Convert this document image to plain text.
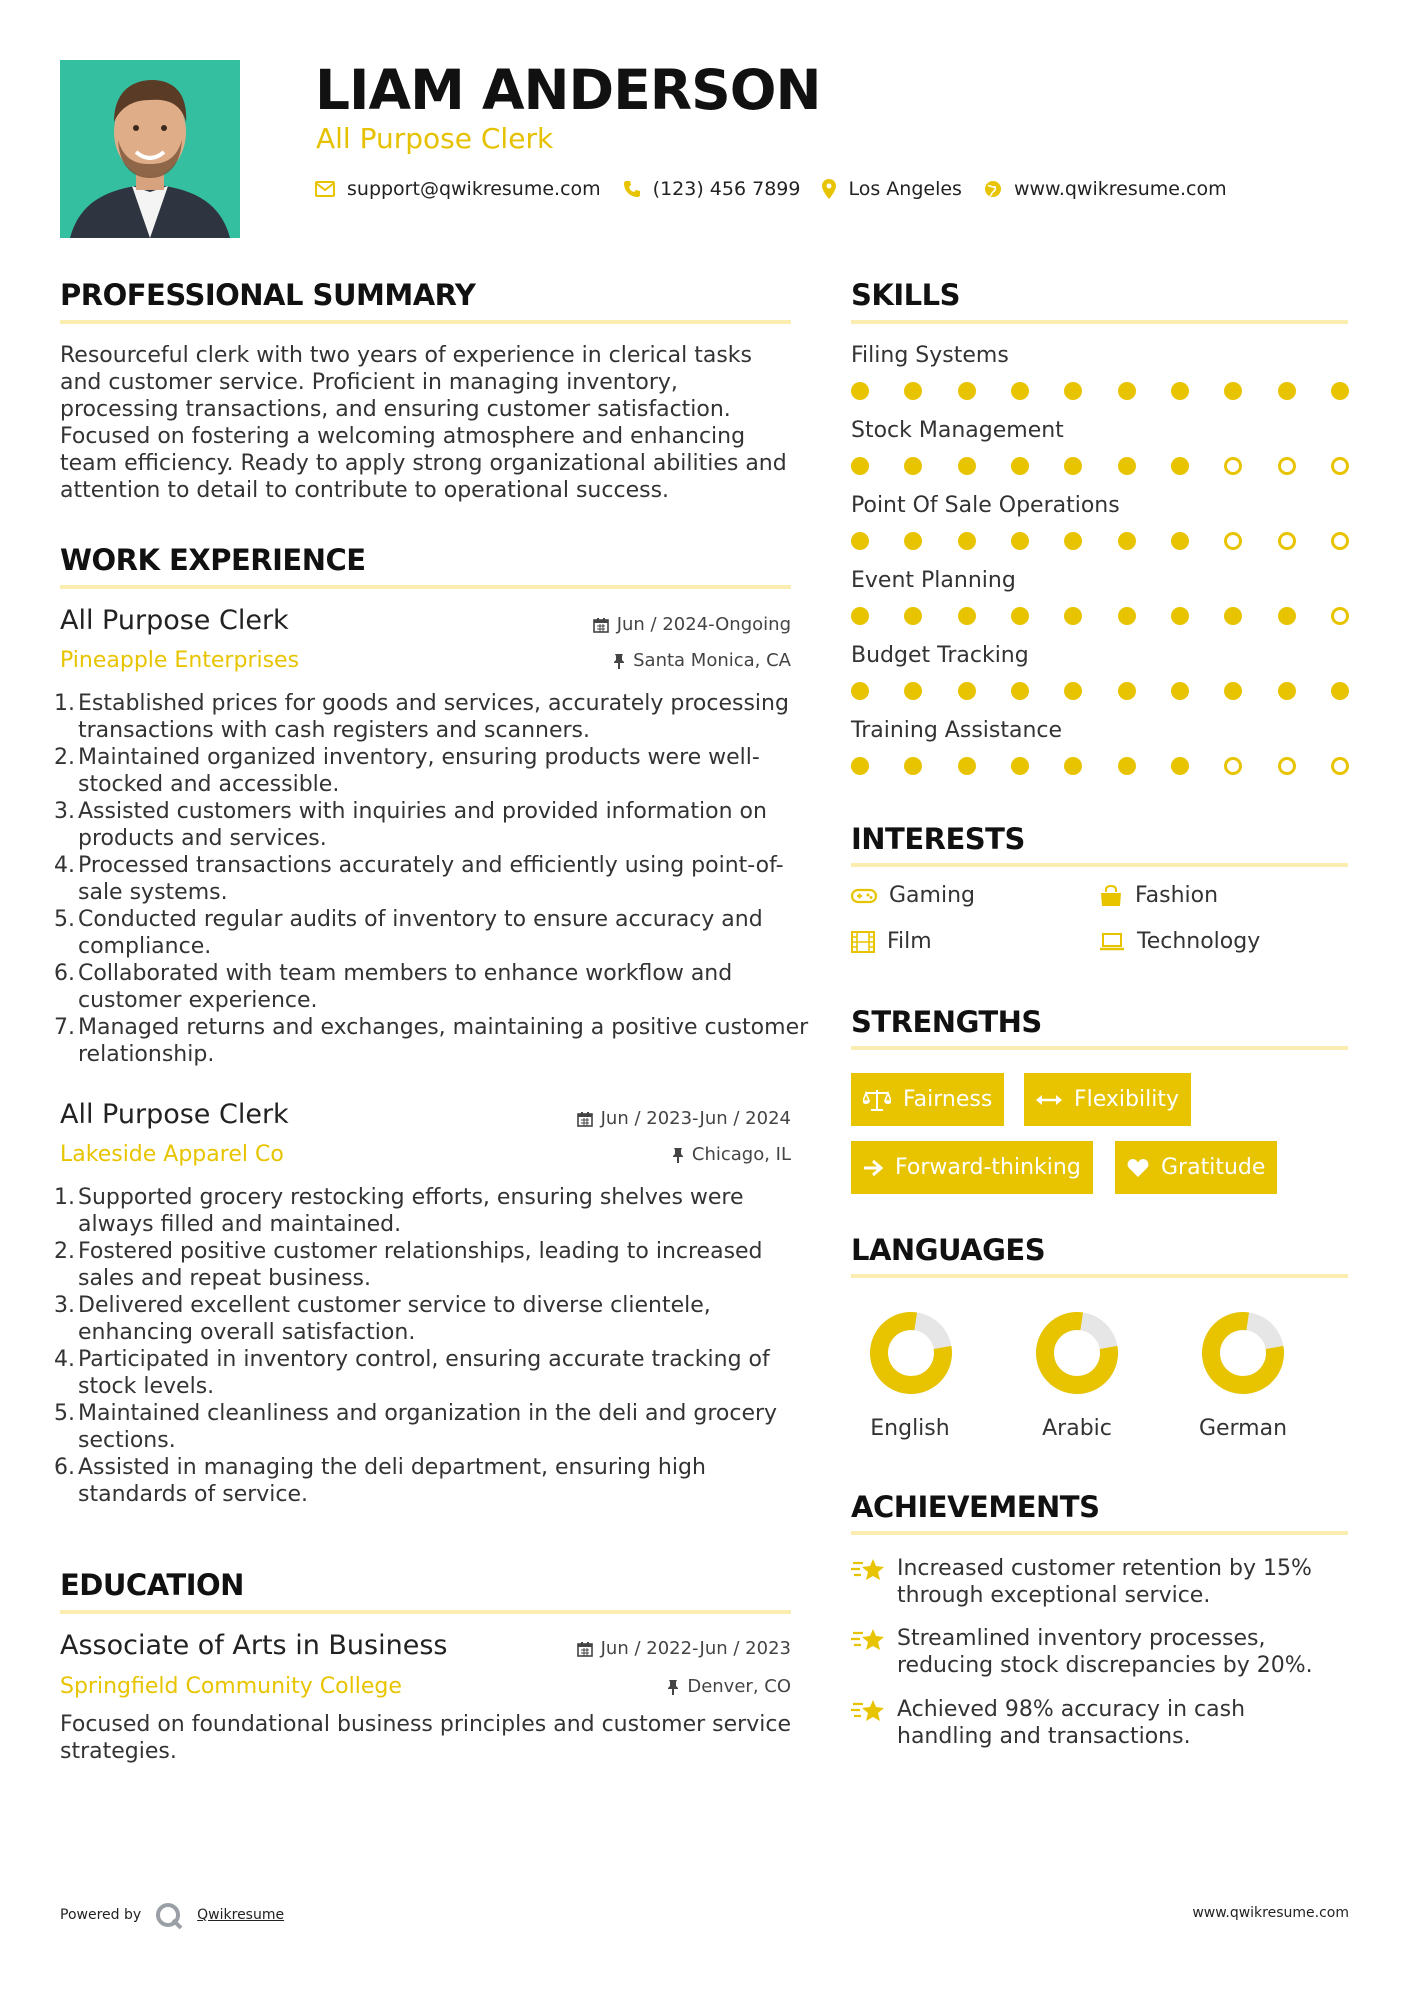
LIAM ANDERSON
All Purpose Clerk
support@qwikresume.com	(123) 456 7899	Los Angeles	www.qwikresume.com
PROFESSIONAL SUMMARY
Resourceful clerk with two years of experience in clerical tasks and customer service. Proficient in managing inventory, processing transactions, and ensuring customer satisfaction. Focused on fostering a welcoming atmosphere and enhancing team efficiency. Ready to apply strong organizational abilities and attention to detail to contribute to operational success.
WORK EXPERIENCE
All Purpose Clerk	Jun / 2024-Ongoing
Pineapple Enterprises	Santa Monica, CA
Established prices for goods and services, accurately processing transactions with cash registers and scanners.
Maintained organized inventory, ensuring products were well-stocked and accessible.
Assisted customers with inquiries and provided information on products and services.
Processed transactions accurately and efficiently using point-of-sale systems.
Conducted regular audits of inventory to ensure accuracy and compliance.
Collaborated with team members to enhance workflow and customer experience.
Managed returns and exchanges, maintaining a positive customer relationship.
All Purpose Clerk	Jun / 2023-Jun / 2024
Lakeside Apparel Co	Chicago, IL
Supported grocery restocking efforts, ensuring shelves were always filled and maintained.
Fostered positive customer relationships, leading to increased sales and repeat business.
Delivered excellent customer service to diverse clientele, enhancing overall satisfaction.
Participated in inventory control, ensuring accurate tracking of stock levels.
Maintained cleanliness and organization in the deli and grocery sections.
Assisted in managing the deli department, ensuring high standards of service.
EDUCATION
Associate of Arts in Business	Jun / 2022-Jun / 2023
Springfield Community College	Denver, CO
Focused on foundational business principles and customer service strategies.
SKILLS
Filing Systems
Stock Management
Point Of Sale Operations
Event Planning
Budget Tracking
Training Assistance
INTERESTS
Gaming	Fashion
Film	Technology
STRENGTHS
Fairness	Flexibility
Forward-thinking	Gratitude
LANGUAGES
English	Arabic	German
ACHIEVEMENTS
Increased customer retention by 15% through exceptional service.
Streamlined inventory processes, reducing stock discrepancies by 20%.
Achieved 98% accuracy in cash handling and transactions.
Powered by	Qwikresume	www.qwikresume.com
